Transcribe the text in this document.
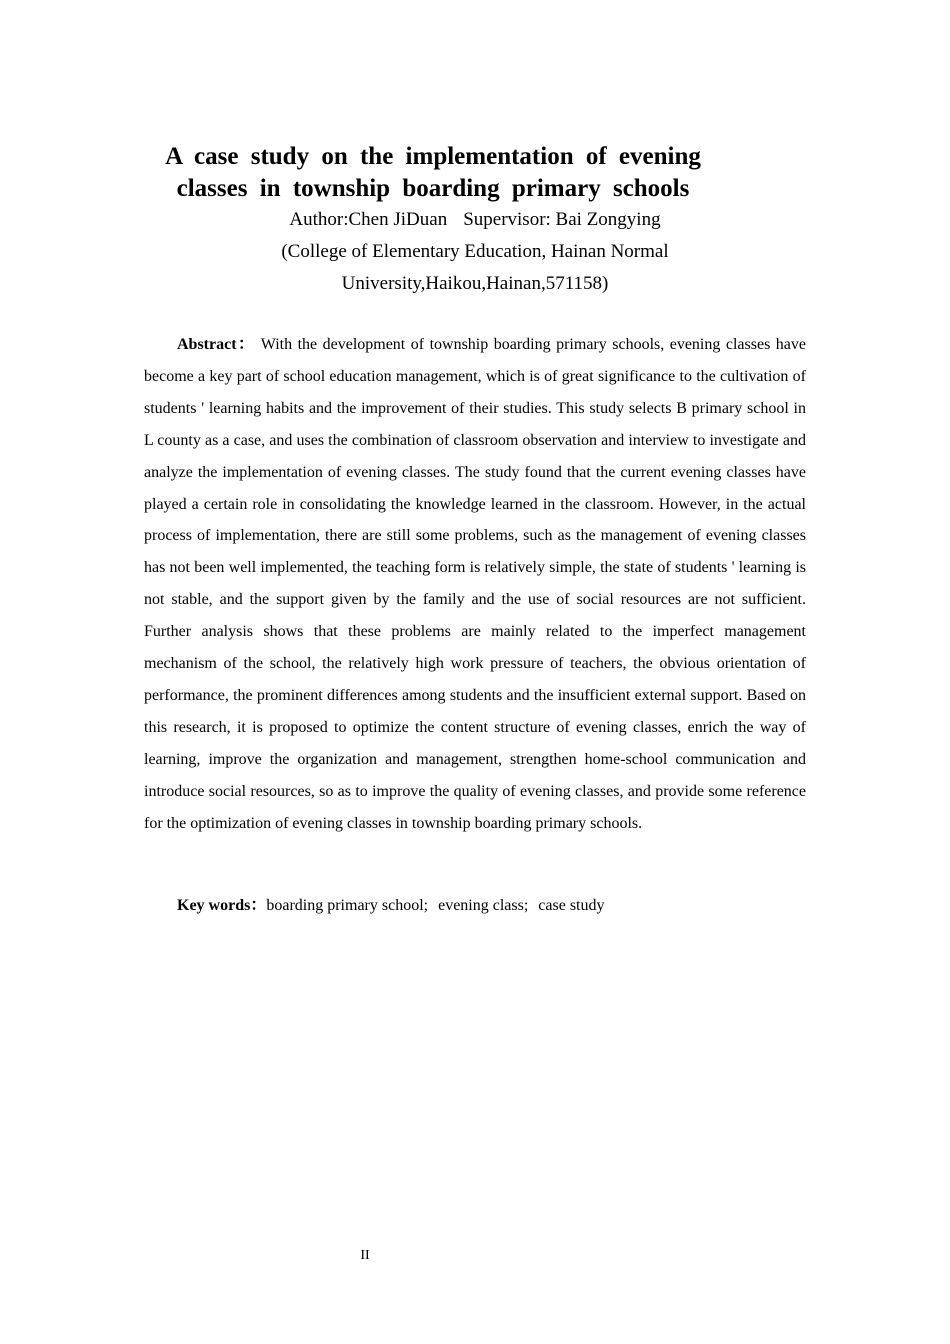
A case study on the implementation of evening
classes in township boarding primary schools

Author:Chen JiDuan Supervisor: Bai Zongying

(College of Elementary Education, Hainan Normal

University,Haikou,Hainan,571158)

Abstract： With the development of township boarding primary schools, evening classes have become a key part of school education management, which is of great significance to the cultivation of students ' learning habits and the improvement of their studies. This study selects B primary school in L county as a case, and uses the combination of classroom observation and interview to investigate and analyze the implementation of evening classes. The study found that the current evening classes have played a certain role in consolidating the knowledge learned in the classroom. However, in the actual process of implementation, there are still some problems, such as the management of evening classes has not been well implemented, the teaching form is relatively simple, the state of students ' learning is not stable, and the support given by the family and the use of social resources are not sufficient. Further analysis shows that these problems are mainly related to the imperfect management mechanism of the school, the relatively high work pressure of teachers, the obvious orientation of performance, the prominent differences among students and the insufficient external support. Based on this research, it is proposed to optimize the content structure of evening classes, enrich the way of learning, improve the organization and management, strengthen home-school communication and introduce social resources, so as to improve the quality of evening classes, and provide some reference for the optimization of evening classes in township boarding primary schools.

Key words：boarding primary school; evening class; case study

II
